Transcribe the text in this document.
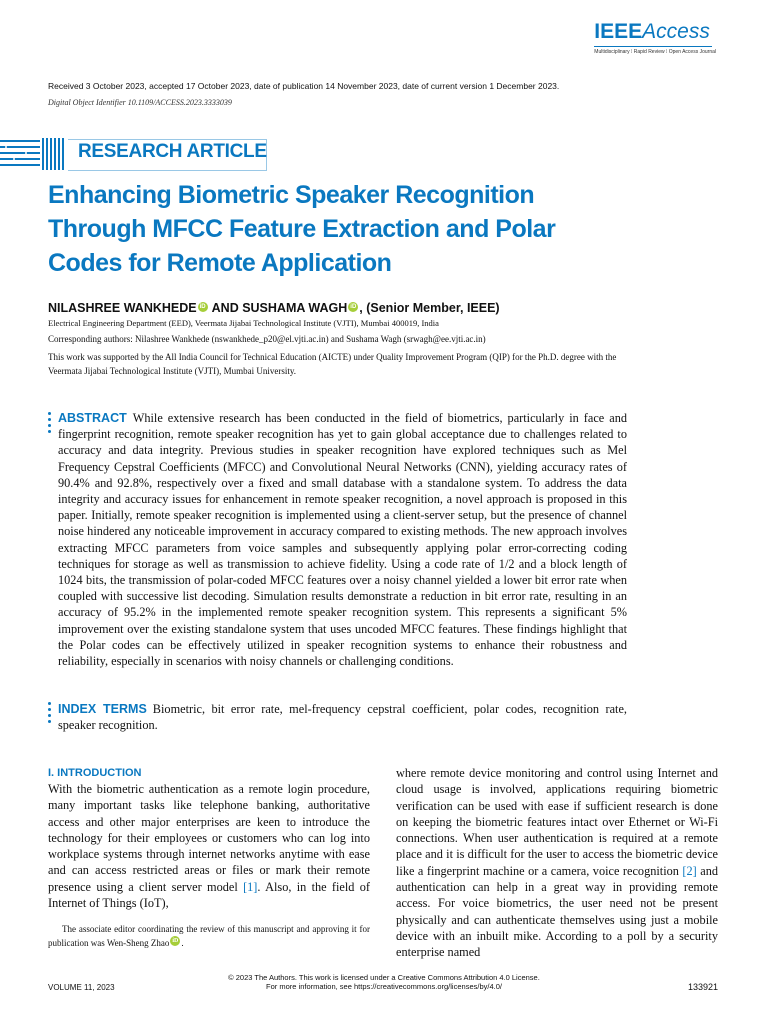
IEEEAccess
Multidisciplinary ⁞ Rapid Review ⁞ Open Access Journal
Received 3 October 2023, accepted 17 October 2023, date of publication 14 November 2023, date of current version 1 December 2023.
Digital Object Identifier 10.1109/ACCESS.2023.3333039
RESEARCH ARTICLE
Enhancing Biometric Speaker Recognition Through MFCC Feature Extraction and Polar Codes for Remote Application
NILASHREE WANKHEDE iD AND SUSHAMA WAGH iD , (Senior Member, IEEE)
Electrical Engineering Department (EED), Veermata Jijabai Technological Institute (VJTI), Mumbai 400019, India
Corresponding authors: Nilashree Wankhede (nswankhede_p20@el.vjti.ac.in) and Sushama Wagh (srwagh@ee.vjti.ac.in)
This work was supported by the All India Council for Technical Education (AICTE) under Quality Improvement Program (QIP) for the Ph.D. degree with the Veermata Jijabai Technological Institute (VJTI), Mumbai University.
ABSTRACT While extensive research has been conducted in the field of biometrics, particularly in face and fingerprint recognition, remote speaker recognition has yet to gain global acceptance due to challenges related to accuracy and data integrity. Previous studies in speaker recognition have explored techniques such as Mel Frequency Cepstral Coefficients (MFCC) and Convolutional Neural Networks (CNN), yielding accuracy rates of 90.4% and 92.8%, respectively over a fixed and small database with a standalone system. To address the data integrity and accuracy issues for enhancement in remote speaker recognition, a novel approach is proposed in this paper. Initially, remote speaker recognition is implemented using a client-server setup, but the presence of channel noise hindered any noticeable improvement in accuracy compared to existing methods. The new approach involves extracting MFCC parameters from voice samples and subsequently applying polar error-correcting coding techniques for storage as well as transmission to achieve fidelity. Using a code rate of 1/2 and a block length of 1024 bits, the transmission of polar-coded MFCC features over a noisy channel yielded a lower bit error rate when coupled with successive list decoding. Simulation results demonstrate a reduction in bit error rate, resulting in an accuracy of 95.2% in the implemented remote speaker recognition system. This represents a significant 5% improvement over the existing standalone system that uses uncoded MFCC features. These findings highlight that the Polar codes can be effectively utilized in speaker recognition systems to enhance their robustness and reliability, especially in scenarios with noisy channels or challenging conditions.
INDEX TERMS Biometric, bit error rate, mel-frequency cepstral coefficient, polar codes, recognition rate, speaker recognition.
I. INTRODUCTION
With the biometric authentication as a remote login procedure, many important tasks like telephone banking, authoritative access and other major enterprises are keen to introduce the technology for their employees or customers who can log into workplace systems through internet networks anytime with ease and can access restricted areas or files or mark their remote presence using a client server model [1]. Also, in the field of Internet of Things (IoT),
where remote device monitoring and control using Internet and cloud usage is involved, applications requiring biometric verification can be used with ease if sufficient research is done on keeping the biometric features intact over Ethernet or Wi-Fi connections. When user authentication is required at a remote place and it is difficult for the user to access the biometric device like a fingerprint machine or a camera, voice recognition [2] and authentication can help in a great way in providing remote access. For voice biometrics, the user need not be present physically and can authenticate themselves using just a mobile device with an inbuilt mike. According to a poll by a security enterprise named
The associate editor coordinating the review of this manuscript and approving it for publication was Wen-Sheng Zhao iD .
© 2023 The Authors. This work is licensed under a Creative Commons Attribution 4.0 License.
For more information, see https://creativecommons.org/licenses/by/4.0/
VOLUME 11, 2023	133921
